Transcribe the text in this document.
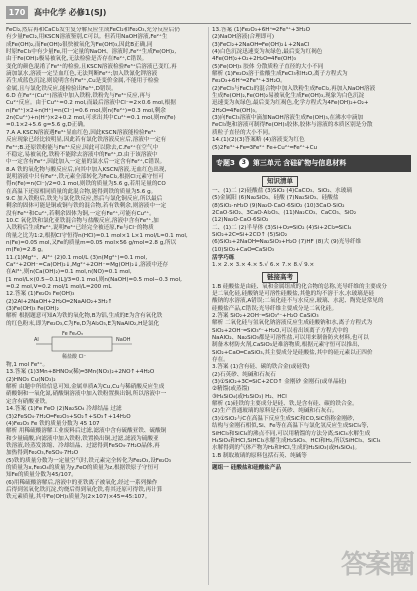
170	高中化学 必修1(SJ)
FeCl₂,然后再和CaCl₂发生复分解反应生成FeCl₂和Fe₂O₃,充分反应后仍
有少量FeCl₂,用KSCN溶液鉴别,C可以。但若用NaOH溶液,Fe²⁺生
成Fe(OH)₂,而Fe(OH)₂很快被氧化为Fe(OH)₃,因此B正确,同
时原FeCl₃中有少量Fe,用一定量的NaOH、溶液时,Fe²⁺生成Fe(OH)₂,
由于Fe(OH)₂极易被氧化,无法检验是否存在Fe²⁺,C错误。
变化的颜色混淆了Fe²⁺的检验,且KSCN溶液检验Fe³⁺后溶液已变红,再
滴加氯水,溶液一定呈血红色,无法判断Fe²⁺;加入铁氰化钾溶液
若生成蓝色沉淀,则说明含有Fe²⁺,Cu是变价金属,不能用于检验
金属,且与氯化铁反应,能检验出Fe³⁺,D错误。
6.D 在Fe²⁺(Cu²⁺)溶液中加入铁粉,铁粉先与Fe³⁺反应,再与
Cu²⁺反应。由于Cu²⁺=0.2 mol,而最后溶液中Cl⁻=2×0.6 mol,根据
n(Fe²⁺)×2+n(H⁺)=n(Cl⁻)=0.6 mol,则n(Fe²⁺)=0.3 mol,剩余
2n(Cu²⁺)+n(H⁺)×2+0.2 mol,可求出其中Cu²⁺=0.1 mol,则m(Fe)
=0.1×2+5.6 g=5.6 g,D正确。
7.A A.KSCN溶液遇Fe³⁺显血红色,因此KSCN溶液能检验Fe³⁺
反应现象已经比较明显,因此若有氯化铁溶液反应后,溶液中一定有
Fe³⁺;B.还原铁粉能与Fe³⁺反应,因此可以除去,C.Fe²⁺在空气中
不稳定,易被氧化,铁粉不能除去溶液中的Fe²⁺,D.由于该溶液中
中一定含有Fe²⁺,因此加入一定量的氯水后一定含有Fe²⁺,C错误。
8.A 铁的氧化物与酸反应后,向其中加入KSCN溶液,无血红色出现,
说明溶液中只有Fe²⁺,铁元素全部转化为FeCl₂,根据Cl元素守恒可
得n(Fe)=n(Cl⁻)/2=0.1 mol,则铁的质量为5.6 g,若用足量的CO
在高温下还原相同质量的此混合物,能得到铁的质量为5.6 g。
9.C 加入铁粉后,铁先与氯化铁反应,然后与氯化铜反应,所以最后
剩余的固体可能是铜或铜与铁的混合物,若有铁剩余,则溶液中一定
没有Fe³⁺和Cu²⁺,若剩余固体为铜,一定有Fe²⁺,可能有Cu²⁺。
10.C 氧化铁和氯化亚铁混合物与盐酸反应,溶液中含有Fe²⁺,加
入铁粉后生成Fe²⁺,说明Fe³⁺已经完全被还原,Fe与Cl⁻的物质
的量之比为1:2,根据Cl守恒得n(HCl)=0.1 mol×1 L×1 mol/L=0.1 mol,
n(Fe)=0.05 mol,又Fe的质量m=0.05 mol×56 g/mol=2.8 g,所以
m(Fe)=2.8 g。
11.(1)Mg²⁺、Al³⁺ (2)0.1 mol/L (3)n(Mg²⁺)=0.1 mol,
Ca²⁺+2OH⁻=Ca(OH)₂↓,Mg²⁺+2OH⁻=Mg(OH)₂↓,溶液中还存
在Al³⁺,则n(Ca(OH)₂)=0.1 mol,n(NO)=0.1 mol,
[1 mol/L×(0.5−0.1)L]/3=0.1 mol,则n(NaOH)=0.5 mol−0.3 mol,
=0.2 mol,V=0.2 mol/1 mol/L=200 mL
12.答案 (1)Fe₂O₃ Fe(OH)₃
(2)2Al+2NaOH+2H₂O═2NaAlO₂+3H₂↑
(3)Fe(OH)₃ Fe(OH)₂
解析 根据题意可知A为铁的氧化物,B为铝,生成的E为含有氧化铁
的红色粉末,即为Fe₂O₃,C为Fe,D为Al₂O₃,E为NaAlO₂,H是氯化
Fe Fe₂O₃
Al	NaOH
稀盐酸 Cl⁻
物,1 mol Fe²⁺。
13.答案 (1)3Mn+8HNO₃(稀)═3Mn(NO₃)₂+2NO↑+4H₂O
(2)HNO₃ Cu(NO₃)₂
解析 由题中所给信息可知,金属单质A为Cu,Cu与稀硝酸反应生成
硝酸铜和一氧化氮,硝酸铜溶液中加入铁粉置换出铜,所以溶液中一
定含有硝酸亚铁。
14.答案 (1)Fe FeO (2)Na₂SO₄ 冷却结晶 过滤
(3)2FeSO₄·7H₂O═Fe₂O₃+SO₂↑+SO₃↑+14H₂O
(4)Fe₂O₃ Fe 铁的质量分数为 45 107
解析 用稀硫酸溶解工业废料后过滤,滤液中含有硫酸亚铁、硫酸铜
和少量硫酸,向滤液中加入铁粉,铁置换出铜,过滤,滤液为硫酸亚
铁溶液,经蒸发浓缩、冷却结晶、过滤得到FeSO₄·7H₂O晶体,再
加热得到Fe₂O₃,FeSO₄·7H₂O
(5)铁的质量分数为一定量空气时,铁元素完全转化为Fe₂O₃,设Fe₂O₃
的质量为x,Fe₃O₄的质量为y,FeO的质量为z,根据铁原子守恒可
知Fe的质量分数为45/107。
(6)用稀硫酸溶解后,溶液中的亚铁离子被氧化,经过一系列操作
后得到氢氧化铁沉淀,灼烧后得到氧化铁,将其还原可得铁,再计算
铁元素质量,其中Fe(OH)₃质量为(2×107)×45=45:107。
13.答案 (1)Fe₂O₃+6H⁺═2Fe³⁺+3H₂O
(2)NaOH溶液(合理即可)
(3)FeCl₂+2NaOH═Fe(OH)₂↓+2NaCl
(4)白色沉淀迅速变为灰绿色,最后变为红褐色
4Fe(OH)₂+O₂+2H₂O═4Fe(OH)₃
(5)Fe(OH)₃ 胶体 分散质粒子直径的大小不同
解析 (1)Fe₂O₃溶于盐酸生成FeCl₃和H₂O,离子方程式为
Fe₂O₃+6H⁺═2Fe³⁺+3H₂O。
(2)FeCl₃与FeCl₂的混合物中加入铁粉生成FeCl₂,再加入NaOH溶液
生成Fe(OH)₂,Fe(OH)₂易被氧化生成Fe(OH)₃,现象为白色沉淀
迅速变为灰绿色,最后变为红褐色,化学方程式为4Fe(OH)₂+O₂+
2H₂O═4Fe(OH)₃。
(3)向FeCl₃溶液中滴加NaOH溶液生成Fe(OH)₃,在沸水中滴加
FeCl₃饱和溶液可制得Fe(OH)₃胶体,胶体与溶液的本质区别是分散
质粒子直径的大小不同。
14.(1)(2)(3)答案略 (4)溶液变为红色
(5)2Fe³⁺+Fe═3Fe²⁺ Fe+Cu²⁺═Fe²⁺+Cu
专题3	3 第三单元 含硅矿物与信息材料
知识清单
一、(1)二 (2)硅酸盐 (3)SiO₂ (4)CaCO₃、SiO₂、水玻璃
(5)金属阳 (6)Na₂SiO₃、硅酸 (7)Na₂SiO₃、硅酸盐
(8)SiO₂·nH₂O (9)Na₂O·CaO·6SiO₂ (10)3CaO·SiO₂
2CaO·SiO₂、3CaO·Al₂O₃、(11)Na₂CO₃、CaCO₃、SiO₂
(12)Na₂O·CaO·6SiO₂
二、(1)二 (2)半导体 (3)Si+O₂═SiO₂ (4)Si+2Cl₂═SiCl₄
SiO₂+2C═Si+2CO↑ (5)SiO₂
(6)SiO₂+2NaOH═Na₂SiO₃+H₂O (7)HF (8)大 (9)光导纤维
(10)SiO₂+CaO═CaSiO₃
活学巧练
1.× 2.× 3.× 4.× 5.√ 6.× 7.× 8.√ 9.×
链接高考
1.B 硅酸盐是由硅、氧和金属组成的化合物的总称,光导纤维的主要成分
是二氧化硅,硅酸钠是可溶性硅酸盐,其他的均不溶于水,水玻璃是硅
酸钠的水溶液,A错误;二氧化硅不与水反应,玻璃、水泥、陶瓷是常见的
硅酸盐产品,C错误;光导纤维主要成分是二氧化硅。
2.答案 SiO₂+2OH⁻═SiO₃²⁻+H₂O CaSiO₃
解析 二氧化硅与氢氧化钠溶液反应生成硅酸钠和水,离子方程式为
SiO₂+2OH⁻═SiO₃²⁻+H₂O,可以看出该离子方程式中的
NaAlO₂、Na₂SiO₃都是可溶性盐,可以用来制备防火材料,也可以
制备木材防火剂,CaSiO₃是难溶物质,根据元素守恒可以推出,
SiO₂+CaO═CaSiO₃,其主要成分是硅酸盐,其中的硅元素以正四价
存在。
3.答案 (1)含有硅、碳的铁合金(或硅铁)
(2)石英砂、纯碱和石灰石
(3)①SiO₂+3C═SiC+2CO↑ 金刚砂 金刚石(或单晶硅)
②精馏(或蒸馏)
③H₄SiO₄(或H₂SiO₃) H₂、HCl
解析 (1)硅铁的主要成分是硅、铁,是含有硅、碳的铁合金。
(2)生产普通玻璃的原料是石英砂、纯碱和石灰石。
(3)①SiO₂与C在高温下反应生成SiC和CO,SiC俗称金刚砂,
结构与金刚石相似,Si、Fe等在高温下与氯化氢反应生成SiCl₄等,
SiHCl₃和SiCl₄的沸点不同,可以用精馏的方法分离;SiCl₄水解生成
H₄SiO₄和HCl,SiHCl₃水解生成H₂SiO₃、HCl和H₂,所以SiHCl₃、SiCl₄
水解得到的气体产物为H₂和HCl,生成的H₂SiO₃(或H₄SiO₄)。
1.B 制取玻璃的原料包括石英、纯碱等
题组一 硅酸盐和硅酸盐产品
答案圈
